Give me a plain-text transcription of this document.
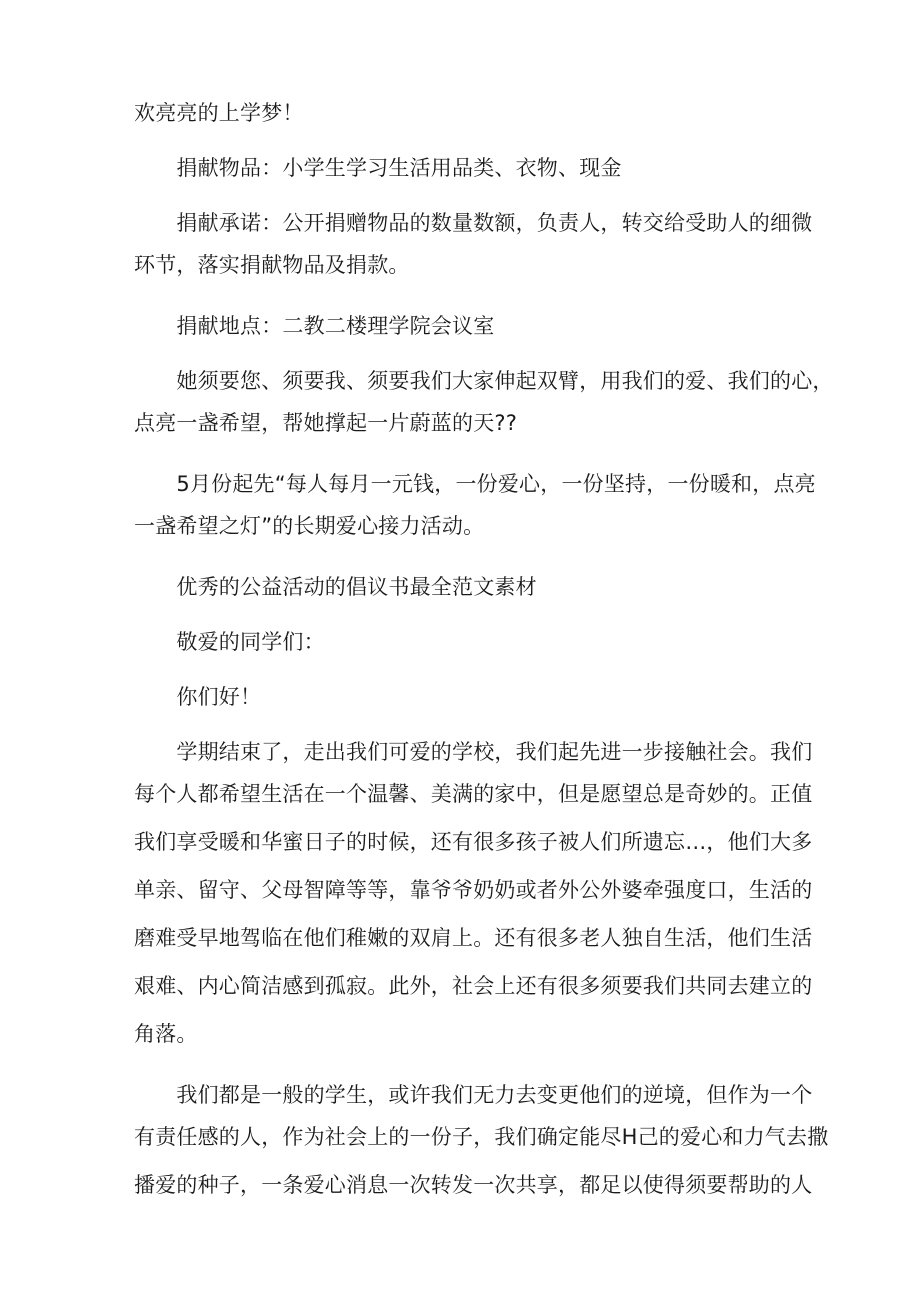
欢亮亮的上学梦！
　　捐献物品：小学生学习生活用品类、衣物、现金
　　捐献承诺：公开捐赠物品的数量数额，负责人，转交给受助人的细微
环节，落实捐献物品及捐款。
　　捐献地点：二教二楼理学院会议室
　　她须要您、须要我、须要我们大家伸起双臂，用我们的爱、我们的心，
点亮一盏希望，帮她撑起一片蔚蓝的天??
　　5月份起先“每人每月一元钱，一份爱心，一份坚持，一份暖和，点亮
一盏希望之灯”的长期爱心接力活动。
　　优秀的公益活动的倡议书最全范文素材
　　敬爱的同学们：
　　你们好！
　　学期结束了，走出我们可爱的学校，我们起先进一步接触社会。我们
每个人都希望生活在一个温馨、美满的家中，但是愿望总是奇妙的。正值
我们享受暖和华蜜日子的时候，还有很多孩子被人们所遗忘…，他们大多
单亲、留守、父母智障等等，靠爷爷奶奶或者外公外婆牵强度口，生活的
磨难受早地驾临在他们稚嫩的双肩上。还有很多老人独自生活，他们生活
艰难、内心简洁感到孤寂。此外，社会上还有很多须要我们共同去建立的
角落。
　　我们都是一般的学生，或许我们无力去变更他们的逆境，但作为一个
有责任感的人，作为社会上的一份子，我们确定能尽H己的爱心和力气去撒
播爱的种子，一条爱心消息一次转发一次共享，都足以使得须要帮助的人
